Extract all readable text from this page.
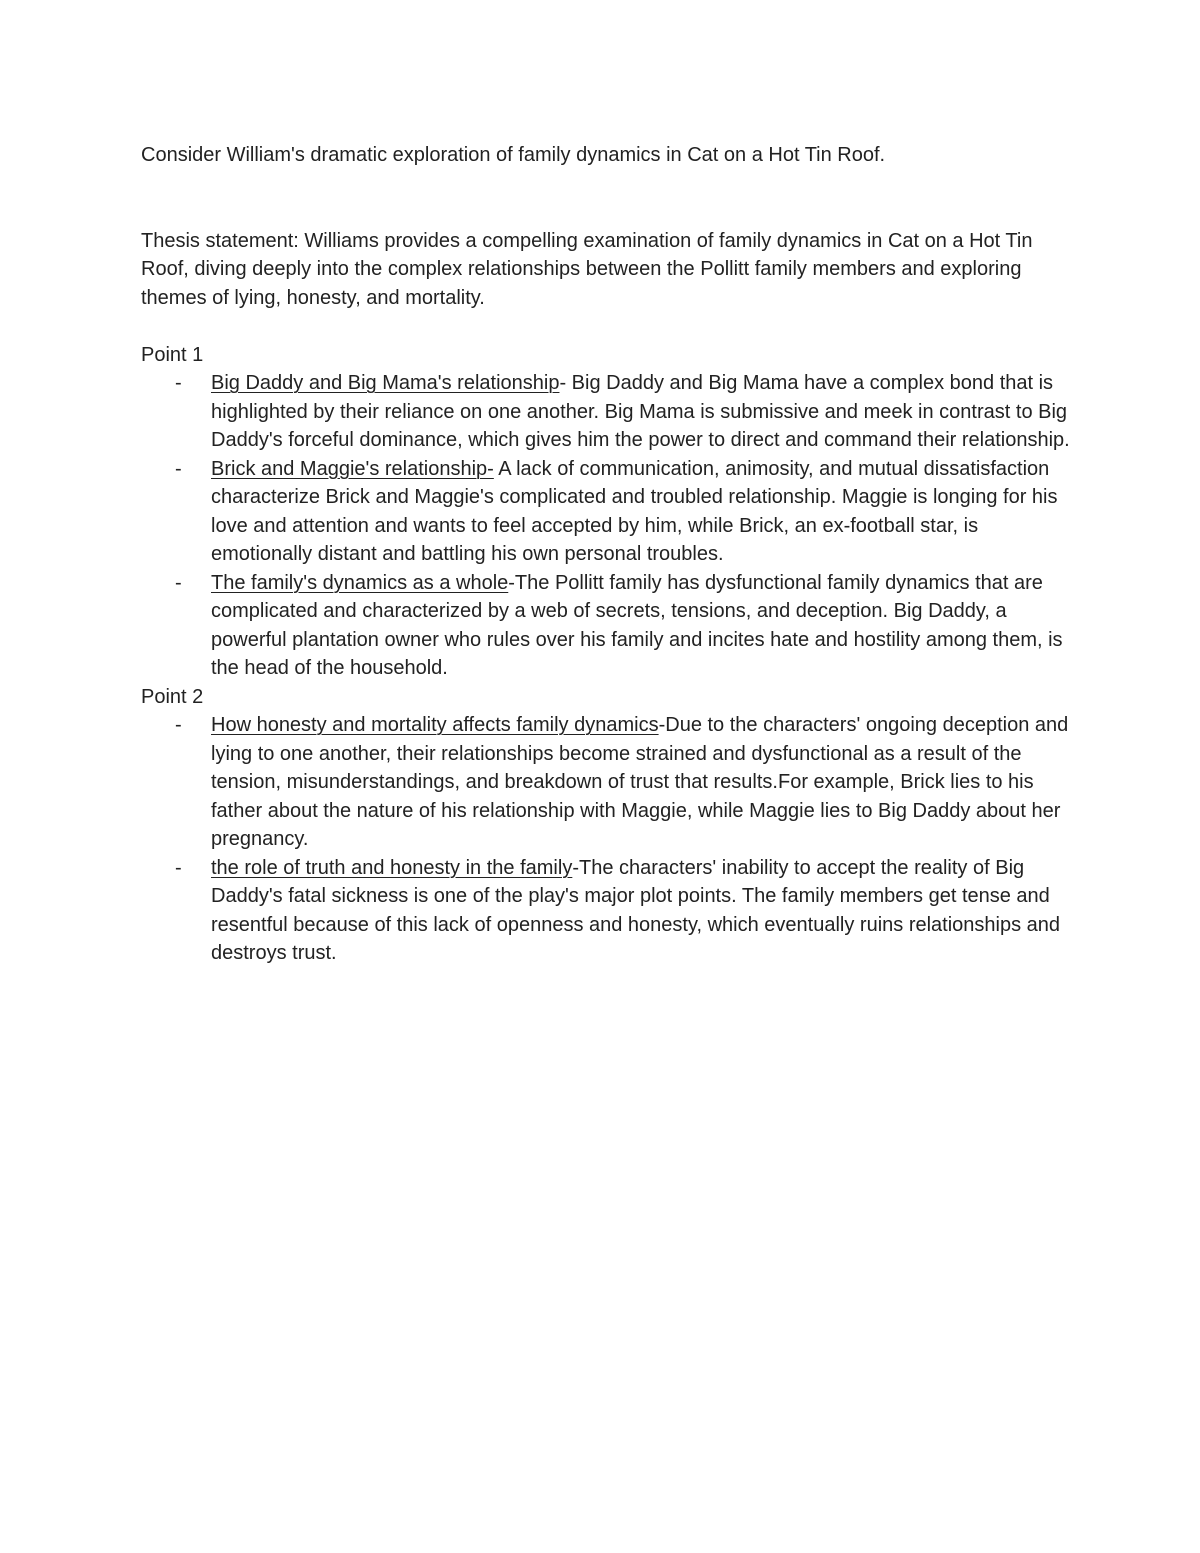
Consider William's dramatic exploration of family dynamics in Cat on a Hot Tin Roof.

Thesis statement: Williams provides a compelling examination of family dynamics in Cat on a Hot Tin Roof, diving deeply into the complex relationships between the Pollitt family members and exploring themes of lying, honesty, and mortality.

Point 1

- Big Daddy and Big Mama's relationship- Big Daddy and Big Mama have a complex bond that is highlighted by their reliance on one another. Big Mama is submissive and meek in contrast to Big Daddy's forceful dominance, which gives him the power to direct and command their relationship.
- Brick and Maggie's relationship- A lack of communication, animosity, and mutual dissatisfaction characterize Brick and Maggie's complicated and troubled relationship. Maggie is longing for his love and attention and wants to feel accepted by him, while Brick, an ex-football star, is emotionally distant and battling his own personal troubles.
- The family's dynamics as a whole-The Pollitt family has dysfunctional family dynamics that are complicated and characterized by a web of secrets, tensions, and deception. Big Daddy, a powerful plantation owner who rules over his family and incites hate and hostility among them, is the head of the household.

Point 2

- How honesty and mortality affects family dynamics-Due to the characters' ongoing deception and lying to one another, their relationships become strained and dysfunctional as a result of the tension, misunderstandings, and breakdown of trust that results.For example, Brick lies to his father about the nature of his relationship with Maggie, while Maggie lies to Big Daddy about her pregnancy.
- the role of truth and honesty in the family-The characters' inability to accept the reality of Big Daddy's fatal sickness is one of the play's major plot points. The family members get tense and resentful because of this lack of openness and honesty, which eventually ruins relationships and destroys trust.
